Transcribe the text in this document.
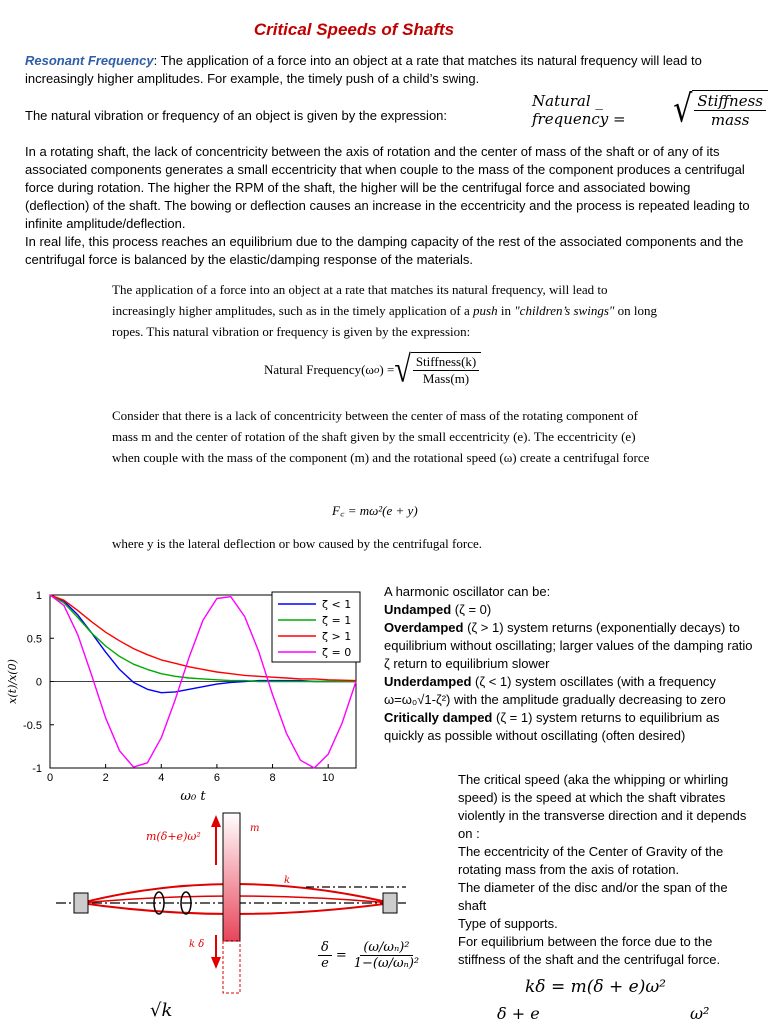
Critical Speeds of Shafts
Resonant Frequency: The application of a force into an object at a rate that matches its natural frequency will lead to increasingly higher amplitudes. For example, the timely push of a child’s swing.
The natural vibration or frequency of an object is given by the expression:
Natural _ frequency =	√ $\frac{\text{Stiffness}}{\text{mass}}$
In a rotating shaft, the lack of concentricity between the axis of rotation and the center of mass of the shaft or of any of its associated components generates a small eccentricity that when couple to the mass of the component produces a centrifugal force during rotation. The higher the RPM of the shaft, the higher will be the centrifugal force and associated bowing (deflection) of the shaft. The bowing or deflection causes an increase in the eccentricity and the process is repeated leading to infinite amplitude/deflection.
In real life, this process reaches an equilibrium due to the damping capacity of the rest of the associated components and the centrifugal force is balanced by the elastic/damping response of the materials.
The application of a force into an object at a rate that matches its natural frequency, will lead to increasingly higher amplitudes, such as in the timely application of a push in "children’s swings" on long ropes. This natural vibration or frequency is given by the expression:
Natural Frequency(ω o ) = √ $\frac{\text{Stiffness(k)}}{\text{Mass(m)}}$
Consider that there is a lack of concentricity between the center of mass of the rotating component of mass m and the center of rotation of the shaft given by the small eccentricity (e). The eccentricity (e) when couple with the mass of the component (m) and the rotational speed (ω) create a centrifugal force
F꜀ = mω²(e + y)
where y is the lateral deflection or bow caused by the centrifugal force.
0	2	4	6	8	10
1
0.5
0
-0.5
-1
ω₀ t
x(t)/x(0)
ζ < 1
ζ = 1
ζ > 1
ζ = 0
A harmonic oscillator can be:
Undamped (ζ = 0)
Overdamped (ζ > 1) system returns (exponentially decays) to equilibrium without oscillating; larger values of the damping ratio ζ return to equilibrium slower
Underdamped (ζ < 1) system oscillates (with a frequency ω=ω₀√1-ζ²) with the amplitude gradually decreasing to zero
Critically damped (ζ = 1) system returns to equilibrium as quickly as possible without oscillating (often desired)
The critical speed (aka the whipping or whirling speed) is the speed at which the shaft vibrates violently in the transverse direction and it depends on :
The eccentricity of the Center of Gravity of the rotating mass from the axis of rotation.
The diameter of the disc and/or the span of the shaft
Type of supports.
For equilibrium between the force due to the stiffness of the shaft and the centrifugal force.
m(δ+e)ω²
m
k
k δ	$\frac{\delta}{e} = \frac{\text{(ω/ωₙ)²}}{\text{1−(ω/ωₙ)²}}$
kδ = m(δ + e)ω²
δ + e	ω²
√k
